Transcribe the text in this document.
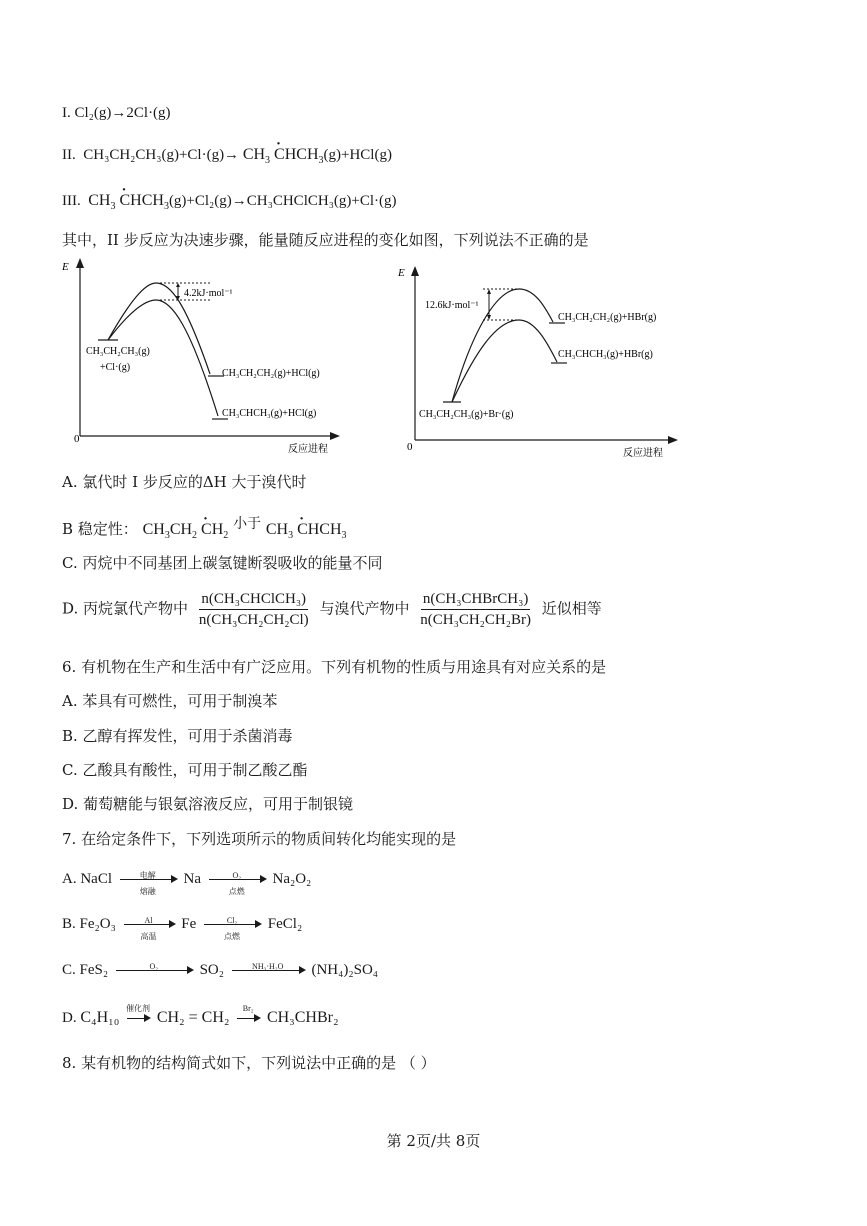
I. Cl₂(g)→2Cl·(g)
II. $CH_3CH_2CH_3(g)+Cl\cdot(g)\to CH_3$ · $CHCH_3(g)+HCl(g)$
III. $CH_3$ · $CHCH_3(g)+Cl_2(g)\to CH_3CHClCH_3(g)+Cl\cdot(g)$
其中，II 步反应为决速步骤，能量随反应进程的变化如图，下列说法不正确的是
E
0
反应进程
4.2kJ·mol⁻¹
CH₃CH₂CH₃(g)
+Cl·(g)
CH₃CH₂CH₂(g)+HCl(g)
CH₃CHCH₃(g)+HCl(g)
E
0
反应进程
12.6kJ·mol⁻¹
CH₃CH₂CH₂(g)+HBr(g)
CH₃CHCH₃(g)+HBr(g)
CH₃CH₂CH₃(g)+Br·(g)
A. 氯代时 I 步反应的ΔH 大于溴代时
B 稳定性： $CH_3CH_2 \cdot CH_2$ 小于 $CH_3$ · $CHCH_3$
C. 丙烷中不同基团上碳氢键断裂吸收的能量不同
D. 丙烷氯代产物中 $\frac{\text{n(CH₃CHClCH₃)}}{\text{n(CH₃CH₂CH₂Cl)}}$ 与溴代产物中 $\frac{\text{n(CH₃CHBrCH₃)}}{\text{n(CH₃CH₂CH₂Br)}}$ 近似相等
6. 有机物在生产和生活中有广泛应用。下列有机物的性质与用途具有对应关系的是
A. 苯具有可燃性，可用于制溴苯
B. 乙醇有挥发性，可用于杀菌消毒
C. 乙酸具有酸性，可用于制乙酸乙酯
D. 葡萄糖能与银氨溶液反应，可用于制银镜
7. 在给定条件下，下列选项所示的物质间转化均能实现的是
A. NaCl	电解
熔融
Na	O₂
点燃
Na₂O₂
B. Fe₂O₃	Al
高温
Fe	Cl₂
点燃
FeCl₂
C. FeS₂	O₂	SO₂	NH₃·H₂O	(NH₄)₂SO₄
D. C₄H₁₀
催化剂
CH₂ = CH₂
Br₂
CH₃CHBr₂
8. 某有机物的结构简式如下，下列说法中正确的是 （ ）
第 2页/共 8页
